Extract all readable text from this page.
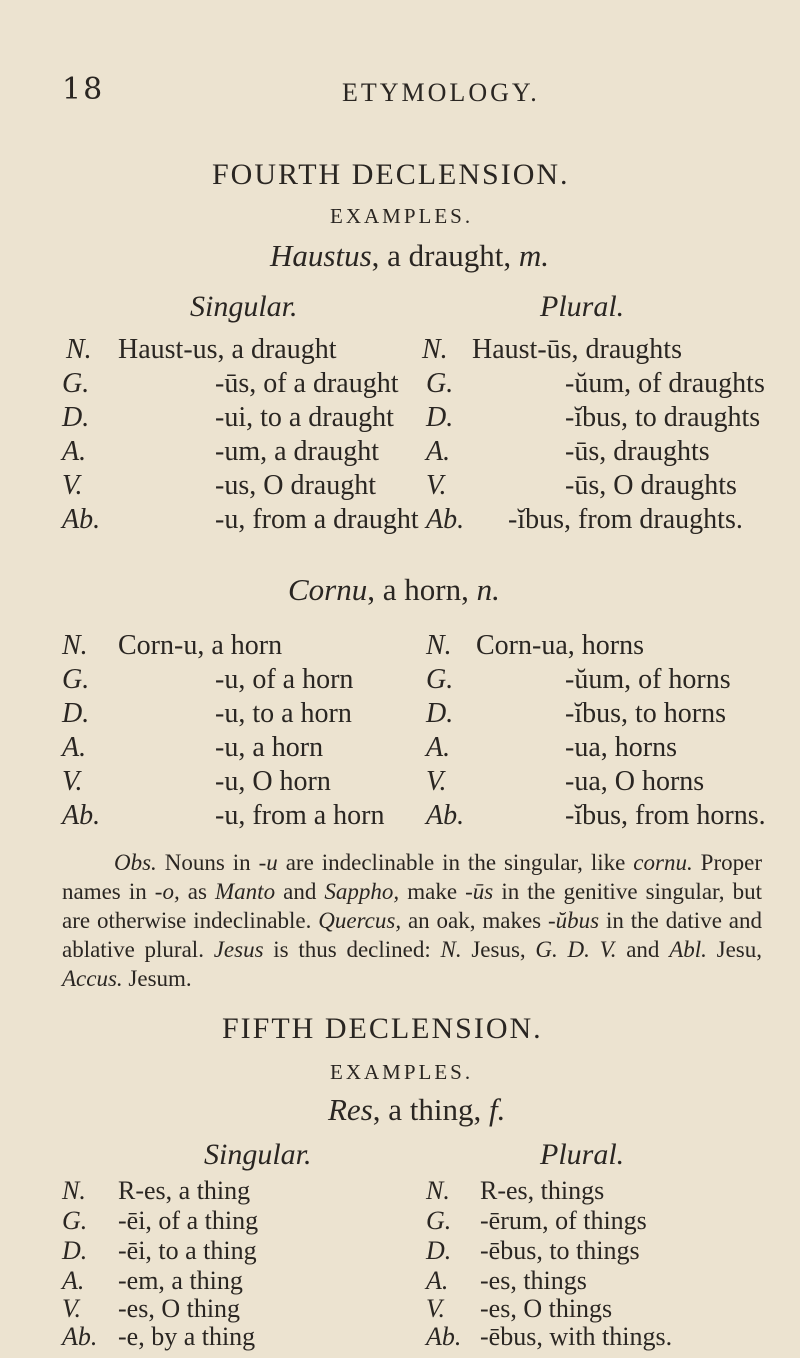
18	ETYMOLOGY.
FOURTH DECLENSION.
EXAMPLES.
Haustus, a draught, m.
Singular.	Plural.
N. Haust-us, a draught	N. Haust-ūs, draughts
G.	-ūs, of a draught G.	-ŭum, of draughts
D.	-ui, to a draught D.	-ĭbus, to draughts
A.	-um, a draught A.	-ūs, draughts
V.	-us, O draught V.	-ūs, O draughts
Ab.	-u, from a draught Ab. -ĭbus, from draughts.
Cornu, a horn, n.
N. Corn-u, a horn	N. Corn-ua, horns
G.	-u, of a horn	G.	-ŭum, of horns
D.	-u, to a horn	D.	-ĭbus, to horns
A.	-u, a horn	A.	-ua, horns
V.	-u, O horn	V.	-ua, O horns
Ab.	-u, from a horn Ab.	-ĭbus, from horns.
Obs. Nouns in -u are indeclinable in the singular, like cornu. Proper names in -o, as Manto and Sappho, make -ūs in the genitive singular, but are otherwise indeclinable. Quercus, an oak, makes -ŭbus in the dative and ablative plural. Jesus is thus declined: N. Jesus, G. D. V. and Abl. Jesu, Accus. Jesum.
FIFTH DECLENSION.
EXAMPLES.
Res, a thing, f.
Singular.	Plural.
N. R-es, a thing	N. R-es, things
G. -ēi, of a thing	G. -ērum, of things
D. -ēi, to a thing	D. -ēbus, to things
A. -em, a thing	A. -es, things
V. -es, O thing	V. -es, O things
Ab. -e, by a thing	Ab. -ēbus, with things.
